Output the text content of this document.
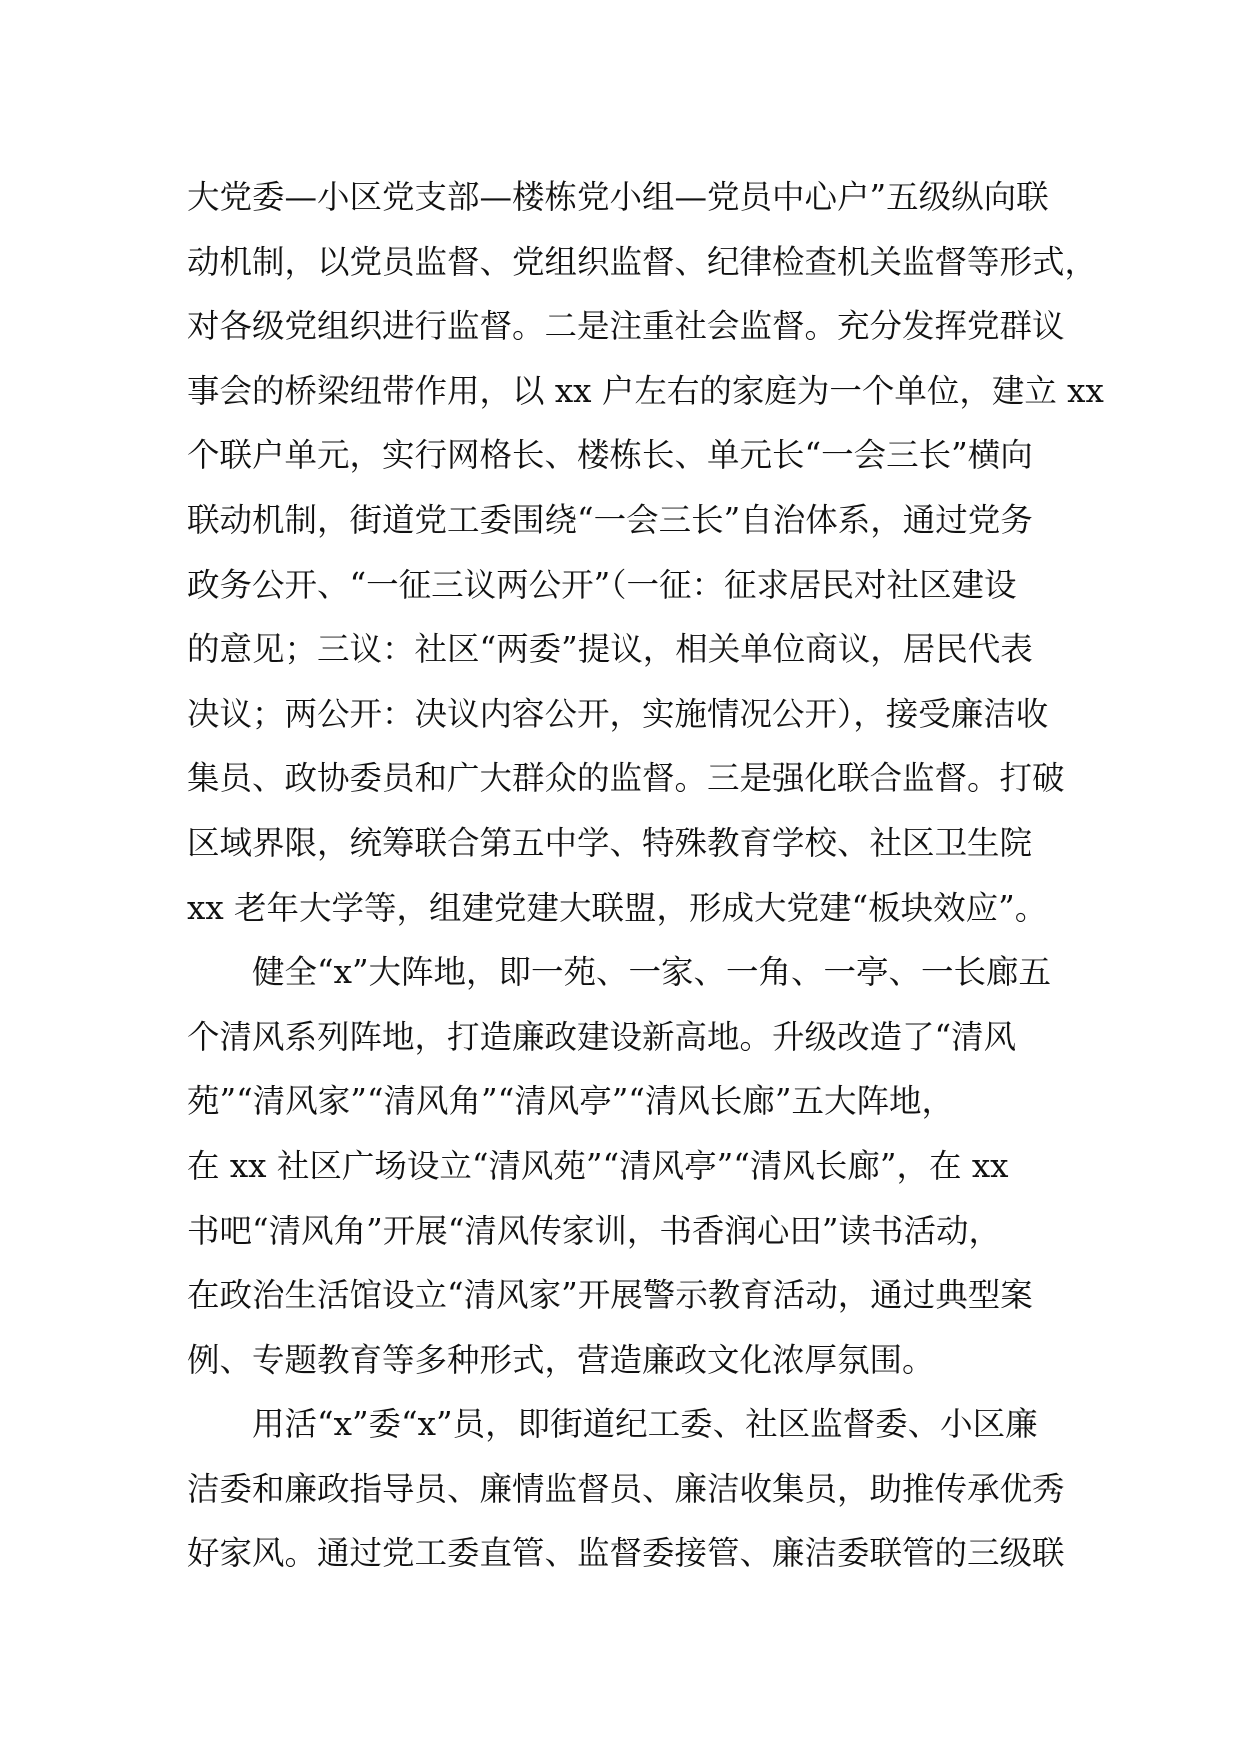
大党委—小区党支部—楼栋党小组—党员中心户”五级纵向联
动机制，以党员监督、党组织监督、纪律检查机关监督等形式，
对各级党组织进行监督。二是注重社会监督。充分发挥党群议
事会的桥梁纽带作用，以 xx 户左右的家庭为一个单位，建立 xx
个联户单元，实行网格长、楼栋长、单元长“一会三长”横向
联动机制，街道党工委围绕“一会三长”自治体系，通过党务
政务公开、“一征三议两公开”（一征：征求居民对社区建设
的意见；三议：社区“两委”提议，相关单位商议，居民代表
决议；两公开：决议内容公开，实施情况公开），接受廉洁收
集员、政协委员和广大群众的监督。三是强化联合监督。打破
区域界限，统筹联合第五中学、特殊教育学校、社区卫生院
xx 老年大学等，组建党建大联盟，形成大党建“板块效应”。
健全“x”大阵地，即一苑、一家、一角、一亭、一长廊五
个清风系列阵地，打造廉政建设新高地。升级改造了“清风
苑”“清风家”“清风角”“清风亭”“清风长廊”五大阵地，
在 xx 社区广场设立“清风苑”“清风亭”“清风长廊”，在 xx
书吧“清风角”开展“清风传家训，书香润心田”读书活动，
在政治生活馆设立“清风家”开展警示教育活动，通过典型案
例、专题教育等多种形式，营造廉政文化浓厚氛围。
用活“x”委“x”员，即街道纪工委、社区监督委、小区廉
洁委和廉政指导员、廉情监督员、廉洁收集员，助推传承优秀
好家风。通过党工委直管、监督委接管、廉洁委联管的三级联
